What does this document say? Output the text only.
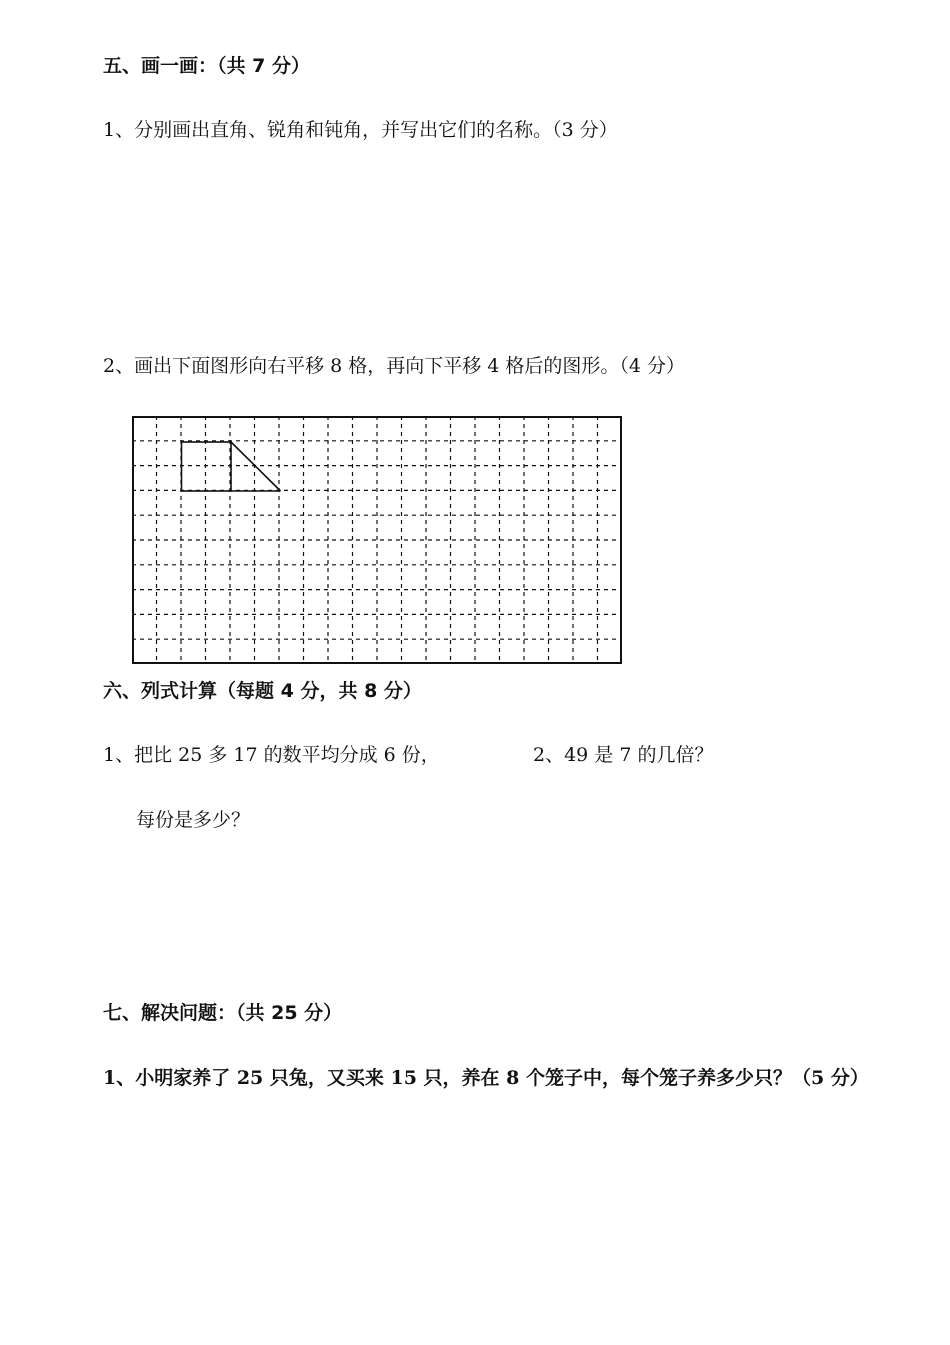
五、画一画：（共 7 分）
1、分别画出直角、锐角和钝角，并写出它们的名称。（3 分）
2、画出下面图形向右平移 8 格，再向下平移 4 格后的图形。（4 分）
六、列式计算（每题 4 分，共 8 分）
1、把比 25 多 17 的数平均分成 6 份，
每份是多少？
2、49 是 7 的几倍？
七、解决问题：（共 25 分）
1、小明家养了 25 只兔，又买来 15 只，养在 8 个笼子中，每个笼子养多少只？（5 分）
